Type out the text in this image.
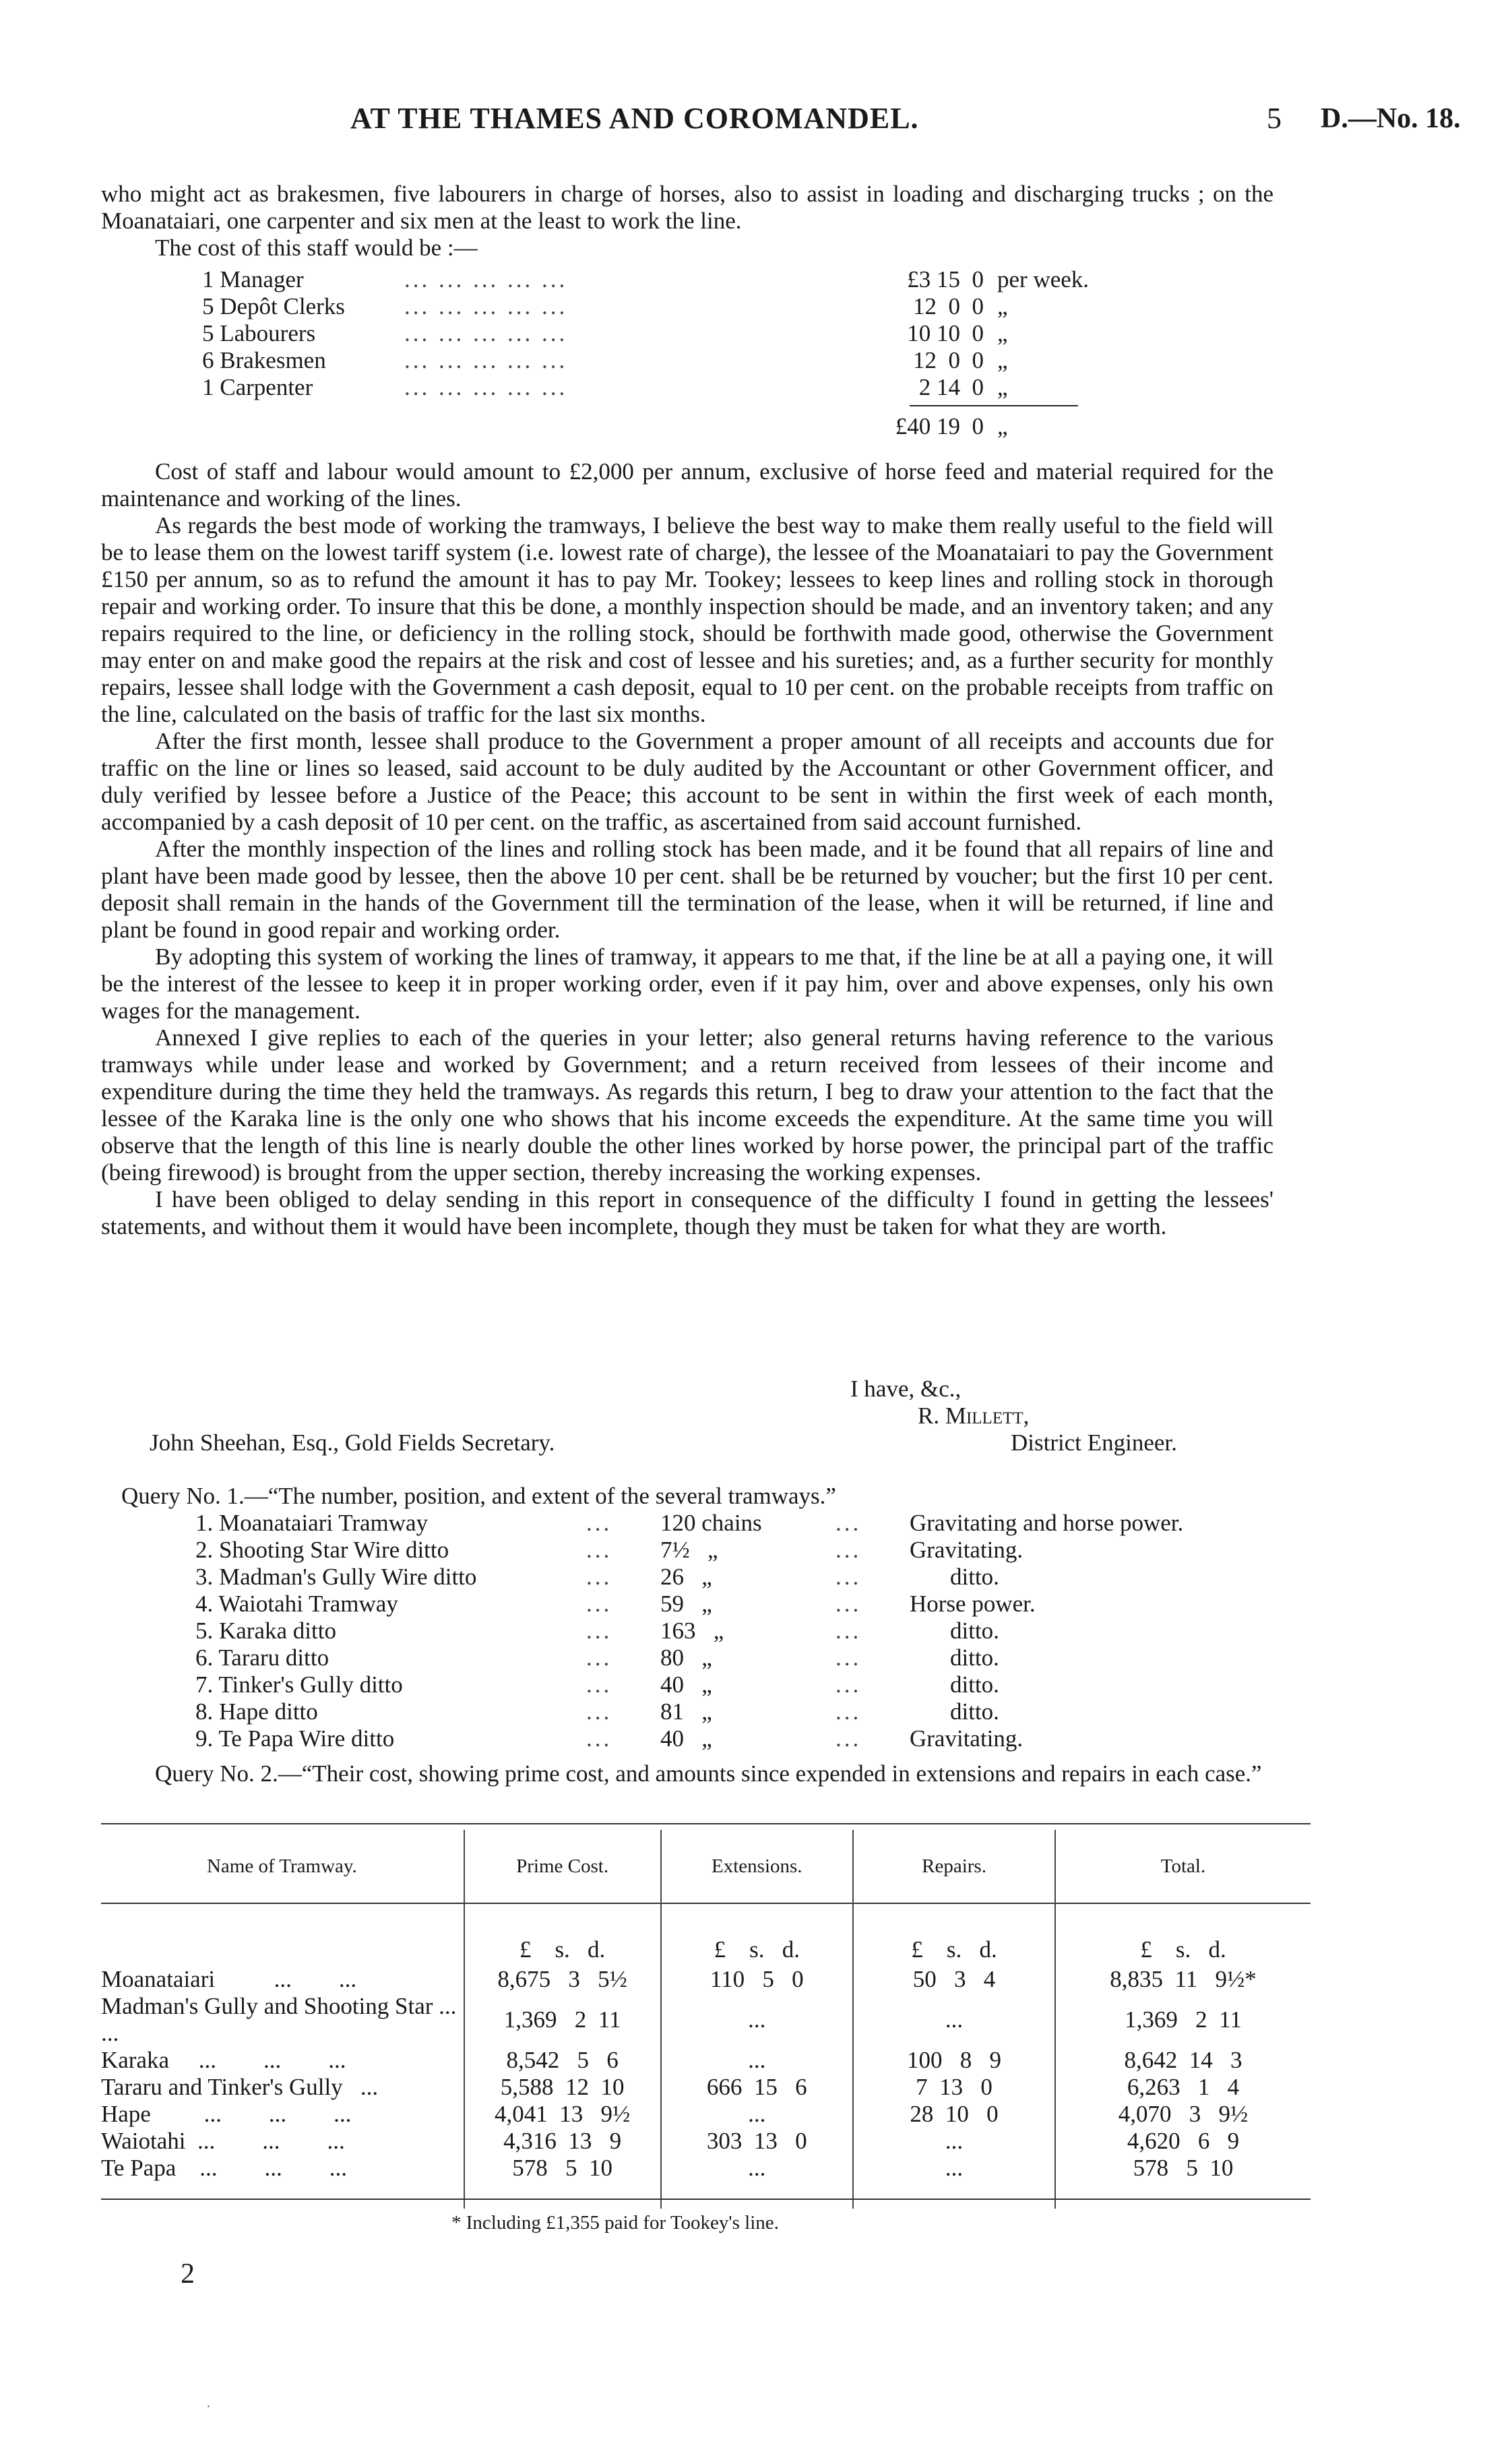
AT THE THAMES AND COROMANDEL.	5 D.—No. 18.

who might act as brakesmen, five labourers in charge of horses, also to assist in loading and discharging trucks ; on the Moanataiari, one carpenter and six men at the least to work the line.

The cost of this staff would be :—

1 Manager	... ... ... ... ...	£3 15  0 per week.
5 Depôt Clerks	... ... ... ... ...	12  0  0 „
5 Labourers	... ... ... ... ...	10 10  0 „
6 Brakesmen	... ... ... ... ...	12  0  0 „
1 Carpenter	... ... ... ... ...	2 14  0 „
£40 19  0 „

Cost of staff and labour would amount to £2,000 per annum, exclusive of horse feed and material required for the maintenance and working of the lines.

As regards the best mode of working the tramways, I believe the best way to make them really useful to the field will be to lease them on the lowest tariff system (i.e. lowest rate of charge), the lessee of the Moanataiari to pay the Government £150 per annum, so as to refund the amount it has to pay Mr. Tookey; lessees to keep lines and rolling stock in thorough repair and working order. To insure that this be done, a monthly inspection should be made, and an inventory taken; and any repairs required to the line, or deficiency in the rolling stock, should be forthwith made good, otherwise the Government may enter on and make good the repairs at the risk and cost of lessee and his sureties; and, as a further security for monthly repairs, lessee shall lodge with the Government a cash deposit, equal to 10 per cent. on the probable receipts from traffic on the line, calculated on the basis of traffic for the last six months.

After the first month, lessee shall produce to the Government a proper amount of all receipts and accounts due for traffic on the line or lines so leased, said account to be duly audited by the Accountant or other Government officer, and duly verified by lessee before a Justice of the Peace; this account to be sent in within the first week of each month, accompanied by a cash deposit of 10 per cent. on the traffic, as ascertained from said account furnished.

After the monthly inspection of the lines and rolling stock has been made, and it be found that all repairs of line and plant have been made good by lessee, then the above 10 per cent. shall be be returned by voucher; but the first 10 per cent. deposit shall remain in the hands of the Government till the termination of the lease, when it will be returned, if line and plant be found in good repair and working order.

By adopting this system of working the lines of tramway, it appears to me that, if the line be at all a paying one, it will be the interest of the lessee to keep it in proper working order, even if it pay him, over and above expenses, only his own wages for the management.

Annexed I give replies to each of the queries in your letter; also general returns having reference to the various tramways while under lease and worked by Government; and a return received from lessees of their income and expenditure during the time they held the tramways. As regards this return, I beg to draw your attention to the fact that the lessee of the Karaka line is the only one who shows that his income exceeds the expenditure. At the same time you will observe that the length of this line is nearly double the other lines worked by horse power, the principal part of the traffic (being firewood) is brought from the upper section, thereby increasing the working expenses.

I have been obliged to delay sending in this report in consequence of the difficulty I found in getting the lessees' statements, and without them it would have been incomplete, though they must be taken for what they are worth.

I have, &c.,
R. Millett,
John Sheehan, Esq., Gold Fields Secretary.	District Engineer.
Query No. 1.—“The number, position, and extent of the several tramways.”
1. Moanataiari Tramway	...	120 chains	...	Gravitating and horse power.
2. Shooting Star Wire ditto	...	7½   „	...	Gravitating.
3. Madman's Gully Wire ditto	...	26   „	...	ditto.
4. Waiotahi Tramway	...	59   „	...	Horse power.
5. Karaka ditto	...	163   „	...	ditto.
6. Tararu ditto	...	80   „	...	ditto.
7. Tinker's Gully ditto	...	40   „	...	ditto.
8. Hape ditto	...	81   „	...	ditto.
9. Te Papa Wire ditto	...	40   „	...	Gravitating.

Query No. 2.—“Their cost, showing prime cost, and amounts since expended in extensions and repairs in each case.”

Name of Tramway.	Prime Cost.	Extensions.	Repairs.	Total.
	£    s.   d.	£    s.   d.	£    s.   d.	£    s.   d.
Moanataiari          ...        ...	8,675   3   5½	110   5   0	50   3   4	8,835  11   9½*
Madman's Gully and Shooting Star ... ...	1,369   2  11	...	...	1,369   2  11
Karaka     ...        ...        ...	8,542   5   6	...	100   8   9	8,642  14   3
Tararu and Tinker's Gully   ...	5,588  12  10	666  15   6	7  13   0	6,263   1   4
Hape         ...        ...        ...	4,041  13   9½	...	28  10   0	4,070   3   9½
Waiotahi  ...        ...        ...	4,316  13   9	303  13   0	...	4,620   6   9
Te Papa    ...        ...        ...	578   5  10	...	...	578   5  10

* Including £1,355 paid for Tookey's line.
2
·
